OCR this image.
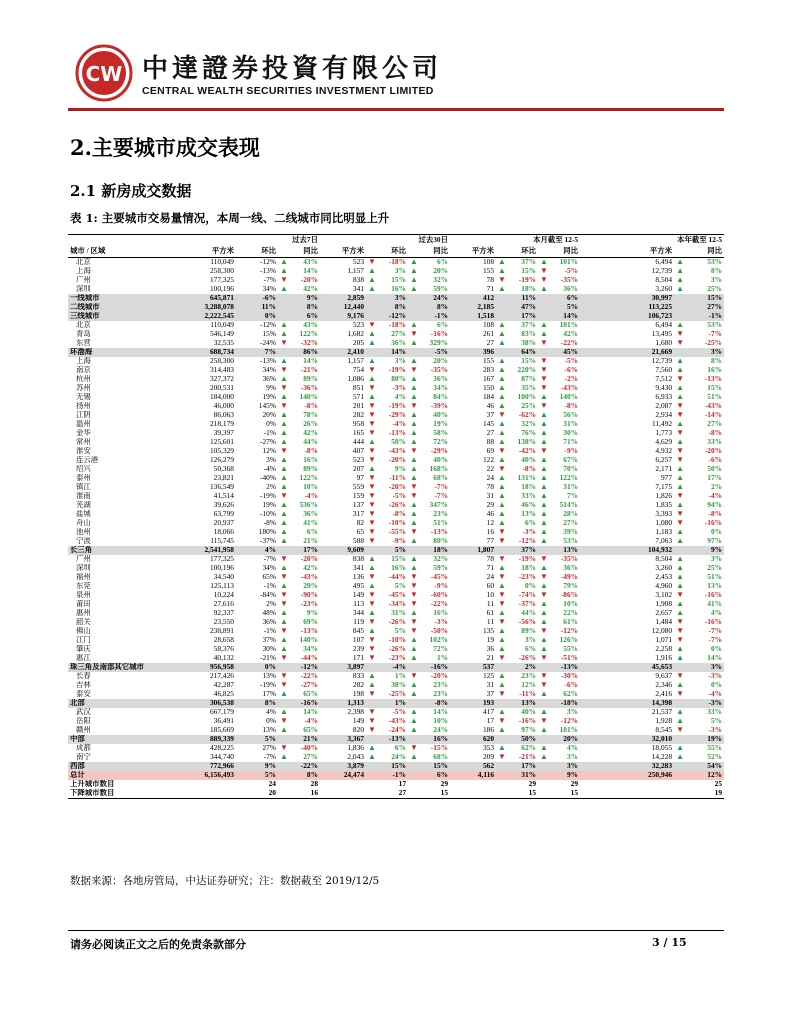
CW 中達證券投資有限公司
CENTRAL WEALTH SECURITIES INVESTMENT LIMITED
2.主要城市成交表现
2.1 新房成交数据
表 1: 主要城市交易量情况，本周一线、二线城市同比明显上升
	过去7日			过去30日			本月截至 12-5			本年截至 12-5	
城市 / 区域	平方米	环比	同比	平方米	环比	同比	平方米	环比	同比	平方米	同比
北京	110,049	-12%	▲ 43%	523	▼ -18%	▲ 6%	108	▲ 37%	▲ 101%	6,494	▲ 53%
上海	258,300	-13%	▲ 14%	1,157	▲ 3%	▲ 20%	155	▲ 15%	▼ -5%	12,739	▲ 8%
广州	177,325	-7%	▼ -20%	838	▲ 15%	▲ 32%	78	▼ -19%	▼ -35%	8,504	▲ 3%
深圳	100,196	34%	▲ 42%	341	▲ 16%	▲ 59%	71	▲ 18%	▲ 36%	3,260	▲ 25%
一线城市	645,871	-6%	9%	2,859	3%	24%	412	11%	6%	30,997	15%
二线城市	3,288,078	11%	8%	12,440	8%	8%	2,185	47%	5%	113,225	27%
三线城市	2,222,545	0%	6%	9,176	-12%	-1%	1,518	17%	14%	106,723	-1%
北京	110,049	-12%	▲ 43%	523	▼ -18%	▲ 6%	108	▲ 37%	▲ 101%	6,494	▲ 53%
青岛	546,149	15%	▲ 122%	1,682	▲ 27%	▼ -16%	261	▲ 83%	▲ 42%	13,495	▼ -7%
东营	32,535	-24%	▼ -32%	205	▲ 36%	▲ 329%	27	▲ 38%	▼ -22%	1,680	▼ -25%
环渤海	688,734	7%	86%	2,410	14%	-5%	396	64%	45%	21,669	3%
上海	258,300	-13%	▲ 14%	1,157	▲ 3%	▲ 20%	155	▲ 15%	▼ -5%	12,739	▲ 8%
南京	314,483	34%	▼ -21%	754	▼ -19%	▼ -35%	283	▲ 220%	▼ -6%	7,560	▲ 16%
杭州	327,372	36%	▲ 89%	1,086	▲ 80%	▲ 36%	167	▲ 87%	▼ -2%	7,512	▼ -13%
苏州	200,531	9%	▼ -36%	851	▼ -3%	▲ 34%	150	▲ 35%	▼ -43%	9,430	▲ 15%
无锡	184,000	19%	▲ 140%	571	▲ 4%	▲ 84%	184	▲ 100%	▲ 140%	6,933	▲ 51%
扬州	46,000	145%	▼ -8%	201	▼ -19%	▼ -39%	46	▲ 25%	▼ -8%	2,087	▼ -43%
江阴	86,063	20%	▲ 78%	282	▼ -29%	▲ 40%	37	▼ -62%	▲ 56%	2,934	▼ -14%
温州	218,179	0%	▲ 26%	958	▼ -4%	▲ 19%	145	▲ 32%	▲ 31%	11,492	▲ 27%
金华	39,397	-1%	▲ 42%	165	▼ -13%	▲ 58%	27	▲ 76%	▲ 30%	1,773	▼ -8%
常州	125,601	-27%	▲ 44%	444	▲ 50%	▲ 72%	88	▲ 138%	▲ 71%	4,629	▲ 33%
淮安	105,329	12%	▼ -8%	407	▼ -43%	▼ -29%	69	▼ -42%	▼ -9%	4,932	▼ -20%
连云港	126,279	3%	▲ 16%	523	▼ -20%	▲ 40%	122	▲ 40%	▲ 67%	6,257	▼ -6%
绍兴	50,368	-4%	▲ 89%	207	▲ 9%	▲ 168%	22	▼ -8%	▲ 70%	2,171	▲ 50%
泰州	23,821	-40%	▲ 122%	97	▼ -11%	▲ 68%	24	▲ 131%	▲ 122%	977	▲ 17%
镇江	136,549	2%	▲ 10%	559	▼ -20%	▼ -7%	78	▲ 18%	▲ 31%	7,175	▲ 2%
淮南	41,514	-19%	▼ -4%	159	▼ -5%	▼ -7%	31	▲ 33%	▲ 7%	1,826	▼ -4%
芜湖	39,626	19%	▲ 536%	137	▼ -26%	▲ 347%	29	▲ 46%	▲ 514%	1,835	▲ 94%
盐城	63,799	-10%	▲ 36%	317	▼ -8%	▲ 23%	46	▲ 13%	▲ 28%	3,393	▼ -8%
舟山	20,937	-8%	▲ 41%	82	▼ -10%	▲ 51%	12	▲ 6%	▲ 27%	1,080	▼ -16%
池州	18,066	180%	▲ 6%	65	▼ -55%	▼ -13%	16	▼ -3%	▲ 39%	1,183	▲ 0%
宁波	115,745	-37%	▲ 21%	588	▼ -9%	▲ 80%	77	▼ -12%	▲ 53%	7,063	▲ 97%
长三角	2,541,958	4%	17%	9,609	5%	18%	1,807	37%	13%	104,932	9%
广州	177,325	-7%	▼ -20%	838	▲ 15%	▲ 32%	78	▼ -19%	▼ -35%	8,504	▲ 3%
深圳	100,196	34%	▲ 42%	341	▲ 16%	▲ 59%	71	▲ 18%	▲ 36%	3,260	▲ 25%
福州	34,540	65%	▼ -43%	136	▼ -44%	▼ -45%	24	▼ -23%	▼ -49%	2,453	▲ 51%
东莞	125,113	-1%	▲ 29%	495	▲ 5%	▼ -9%	60	▲ 0%	▲ 79%	4,960	▲ 13%
泉州	10,224	-84%	▼ -90%	149	▼ -45%	▼ -60%	10	▼ -74%	▼ -86%	3,102	▼ -16%
莆田	27,616	2%	▼ -23%	113	▼ -34%	▼ -22%	11	▼ -37%	▲ 10%	1,908	▲ 41%
惠州	92,337	48%	▲ 9%	344	▲ 31%	▲ 16%	61	▲ 44%	▲ 22%	2,657	▲ 4%
韶关	23,550	36%	▲ 69%	119	▼ -26%	▼ -3%	11	▼ -56%	▲ 61%	1,484	▼ -16%
佛山	238,891	-1%	▼ -13%	845	▲ 5%	▼ -50%	135	▲ 89%	▼ -12%	12,080	▼ -7%
江门	28,658	37%	▲ 140%	107	▼ -10%	▲ 102%	19	▲ 3%	▲ 126%	1,071	▼ -7%
肇庆	58,376	30%	▲ 34%	239	▼ -26%	▲ 72%	36	▲ 6%	▲ 55%	2,258	▲ 0%
惠江	40,132	-21%	▼ -44%	171	▼ -23%	▲ 1%	21	▼ -26%	▼ -51%	1,916	▲ 14%
珠三角及南部其它城市	956,958	0%	-12%	3,897	-4%	-16%	537	2%	-13%	45,653	3%
长春	217,426	13%	▼ -22%	833	▲ 1%	▼ -20%	125	▲ 23%	▼ -30%	9,637	▼ -3%
吉林	42,287	-19%	▼ -27%	282	▲ 38%	▲ 23%	31	▲ 12%	▼ -6%	2,346	▲ 0%
泰安	46,825	17%	▲ 65%	198	▼ -25%	▲ 23%	37	▼ -11%	▲ 62%	2,416	▼ -4%
北部	306,538	8%	-16%	1,313	1%	-8%	193	13%	-18%	14,398	-3%
武汉	667,179	4%	▲ 14%	2,398	▼ -5%	▲ 14%	417	▲ 40%	▲ 3%	21,537	▲ 33%
岳阳	36,491	0%	▼ -4%	149	▼ -43%	▲ 10%	17	▼ -16%	▼ -12%	1,928	▲ 5%
赣州	185,669	13%	▲ 65%	820	▼ -24%	▲ 24%	186	▲ 97%	▲ 101%	8,545	▼ -3%
中部	889,339	5%	21%	3,367	-13%	16%	620	50%	20%	32,010	19%
成都	428,225	27%	▼ -40%	1,836	▲ 6%	▼ -15%	353	▲ 62%	▲ 4%	18,055	▲ 55%
南宁	344,740	-7%	▲ 27%	2,043	▲ 24%	▲ 68%	209	▼ -21%	▲ 3%	14,228	▲ 52%
西部	772,966	9%	-22%	3,879	15%	15%	562	17%	3%	32,283	54%
总计	6,156,493	5%	8%	24,474	-1%	6%	4,116	31%	9%	250,946	12%
上升城市数目		24	28		17	29		29	29		25
下降城市数目		20	16		27	15		15	15		19
数据来源：各地房管局，中达证券研究；注：数据截至 2019/12/5
请务必阅读正文之后的免责条款部分	3 / 15
